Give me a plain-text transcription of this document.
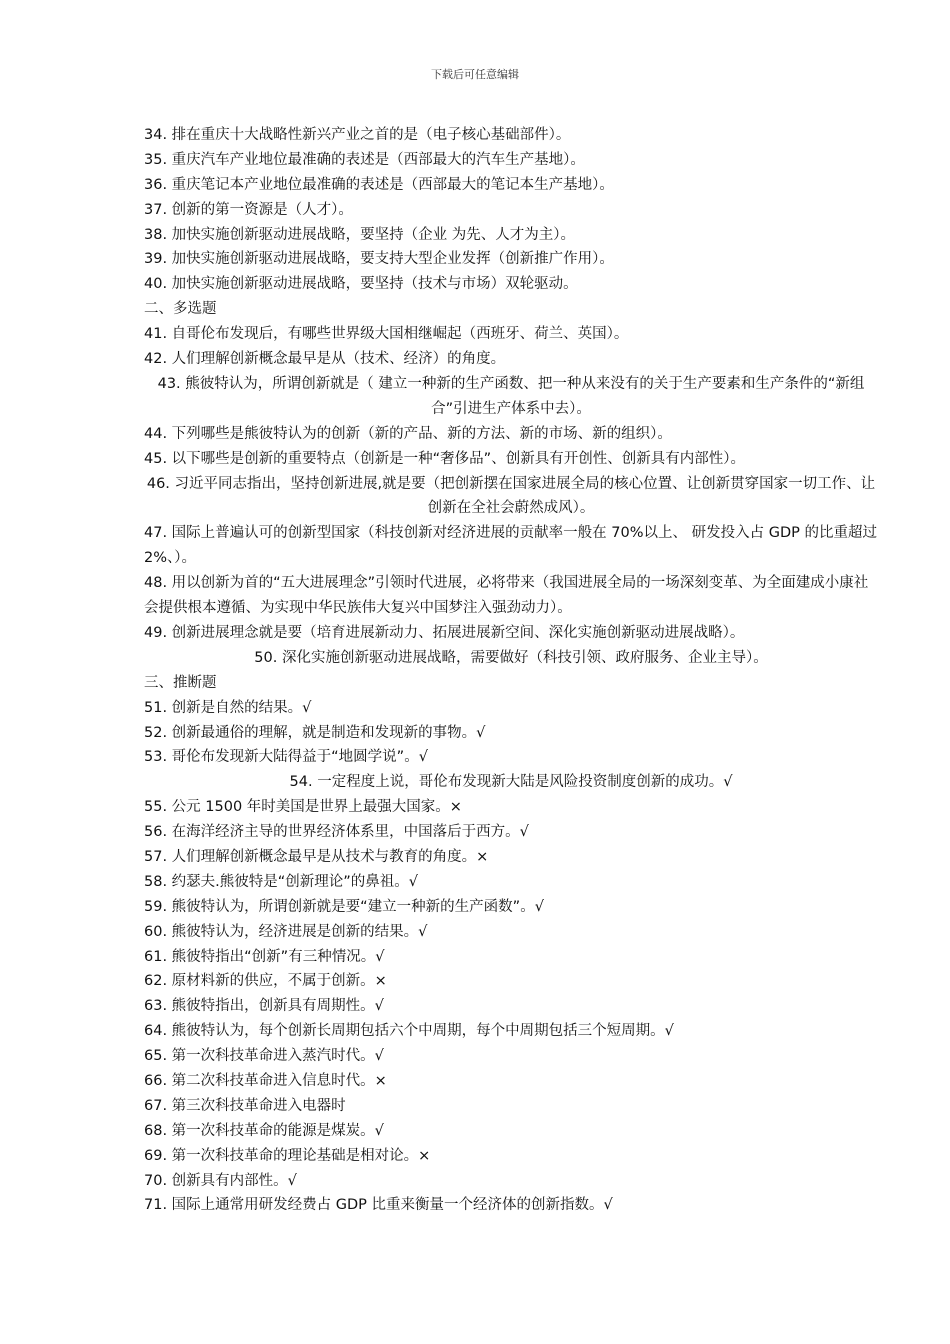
下载后可任意编辑
34. 排在重庆十大战略性新兴产业之首的是（电子核心基础部件）。
35. 重庆汽车产业地位最准确的表述是（西部最大的汽车生产基地）。
36. 重庆笔记本产业地位最准确的表述是（西部最大的笔记本生产基地）。
37. 创新的第一资源是（人才）。
38. 加快实施创新驱动进展战略，要坚持（企业 为先、人才为主）。
39. 加快实施创新驱动进展战略，要支持大型企业发挥（创新推广作用）。
40. 加快实施创新驱动进展战略，要坚持（技术与市场）双轮驱动。
二、多选题
41. 自哥伦布发现后，有哪些世界级大国相继崛起（西班牙、荷兰、英国）。
42. 人们理解创新概念最早是从（技术、经济）的角度。
43. 熊彼特认为，所谓创新就是（ 建立一种新的生产函数、把一种从来没有的关于生产要素和生产条件的“新组合”引进生产体系中去）。
44. 下列哪些是熊彼特认为的创新（新的产品、新的方法、新的市场、新的组织）。
45. 以下哪些是创新的重要特点（创新是一种“奢侈品”、创新具有开创性、创新具有内部性）。
46. 习近平同志指出，坚持创新进展,就是要（把创新摆在国家进展全局的核心位置、让创新贯穿国家一切工作、让创新在全社会蔚然成风）。
47. 国际上普遍认可的创新型国家（科技创新对经济进展的贡献率一般在 70%以上、 研发投入占 GDP 的比重超过 2%、）。
48. 用以创新为首的“五大进展理念”引领时代进展，必将带来（我国进展全局的一场深刻变革、为全面建成小康社会提供根本遵循、为实现中华民族伟大复兴中国梦注入强劲动力）。
49. 创新进展理念就是要（培育进展新动力、拓展进展新空间、深化实施创新驱动进展战略）。
50. 深化实施创新驱动进展战略，需要做好（科技引领、政府服务、企业主导）。
三、推断题
51. 创新是自然的结果。√
52. 创新最通俗的理解，就是制造和发现新的事物。√
53. 哥伦布发现新大陆得益于“地圆学说”。√
54. 一定程度上说，哥伦布发现新大陆是风险投资制度创新的成功。√
55. 公元 1500 年时美国是世界上最强大国家。×
56. 在海洋经济主导的世界经济体系里，中国落后于西方。√
57. 人们理解创新概念最早是从技术与教育的角度。×
58. 约瑟夫.熊彼特是“创新理论”的鼻祖。√
59. 熊彼特认为，所谓创新就是要“建立一种新的生产函数”。√
60. 熊彼特认为，经济进展是创新的结果。√
61. 熊彼特指出“创新”有三种情况。√
62. 原材料新的供应，不属于创新。×
63. 熊彼特指出，创新具有周期性。√
64. 熊彼特认为，每个创新长周期包括六个中周期，每个中周期包括三个短周期。√
65. 第一次科技革命进入蒸汽时代。√
66. 第二次科技革命进入信息时代。×
67. 第三次科技革命进入电器时
68. 第一次科技革命的能源是煤炭。√
69. 第一次科技革命的理论基础是相对论。×
70. 创新具有内部性。√
71. 国际上通常用研发经费占 GDP 比重来衡量一个经济体的创新指数。√
